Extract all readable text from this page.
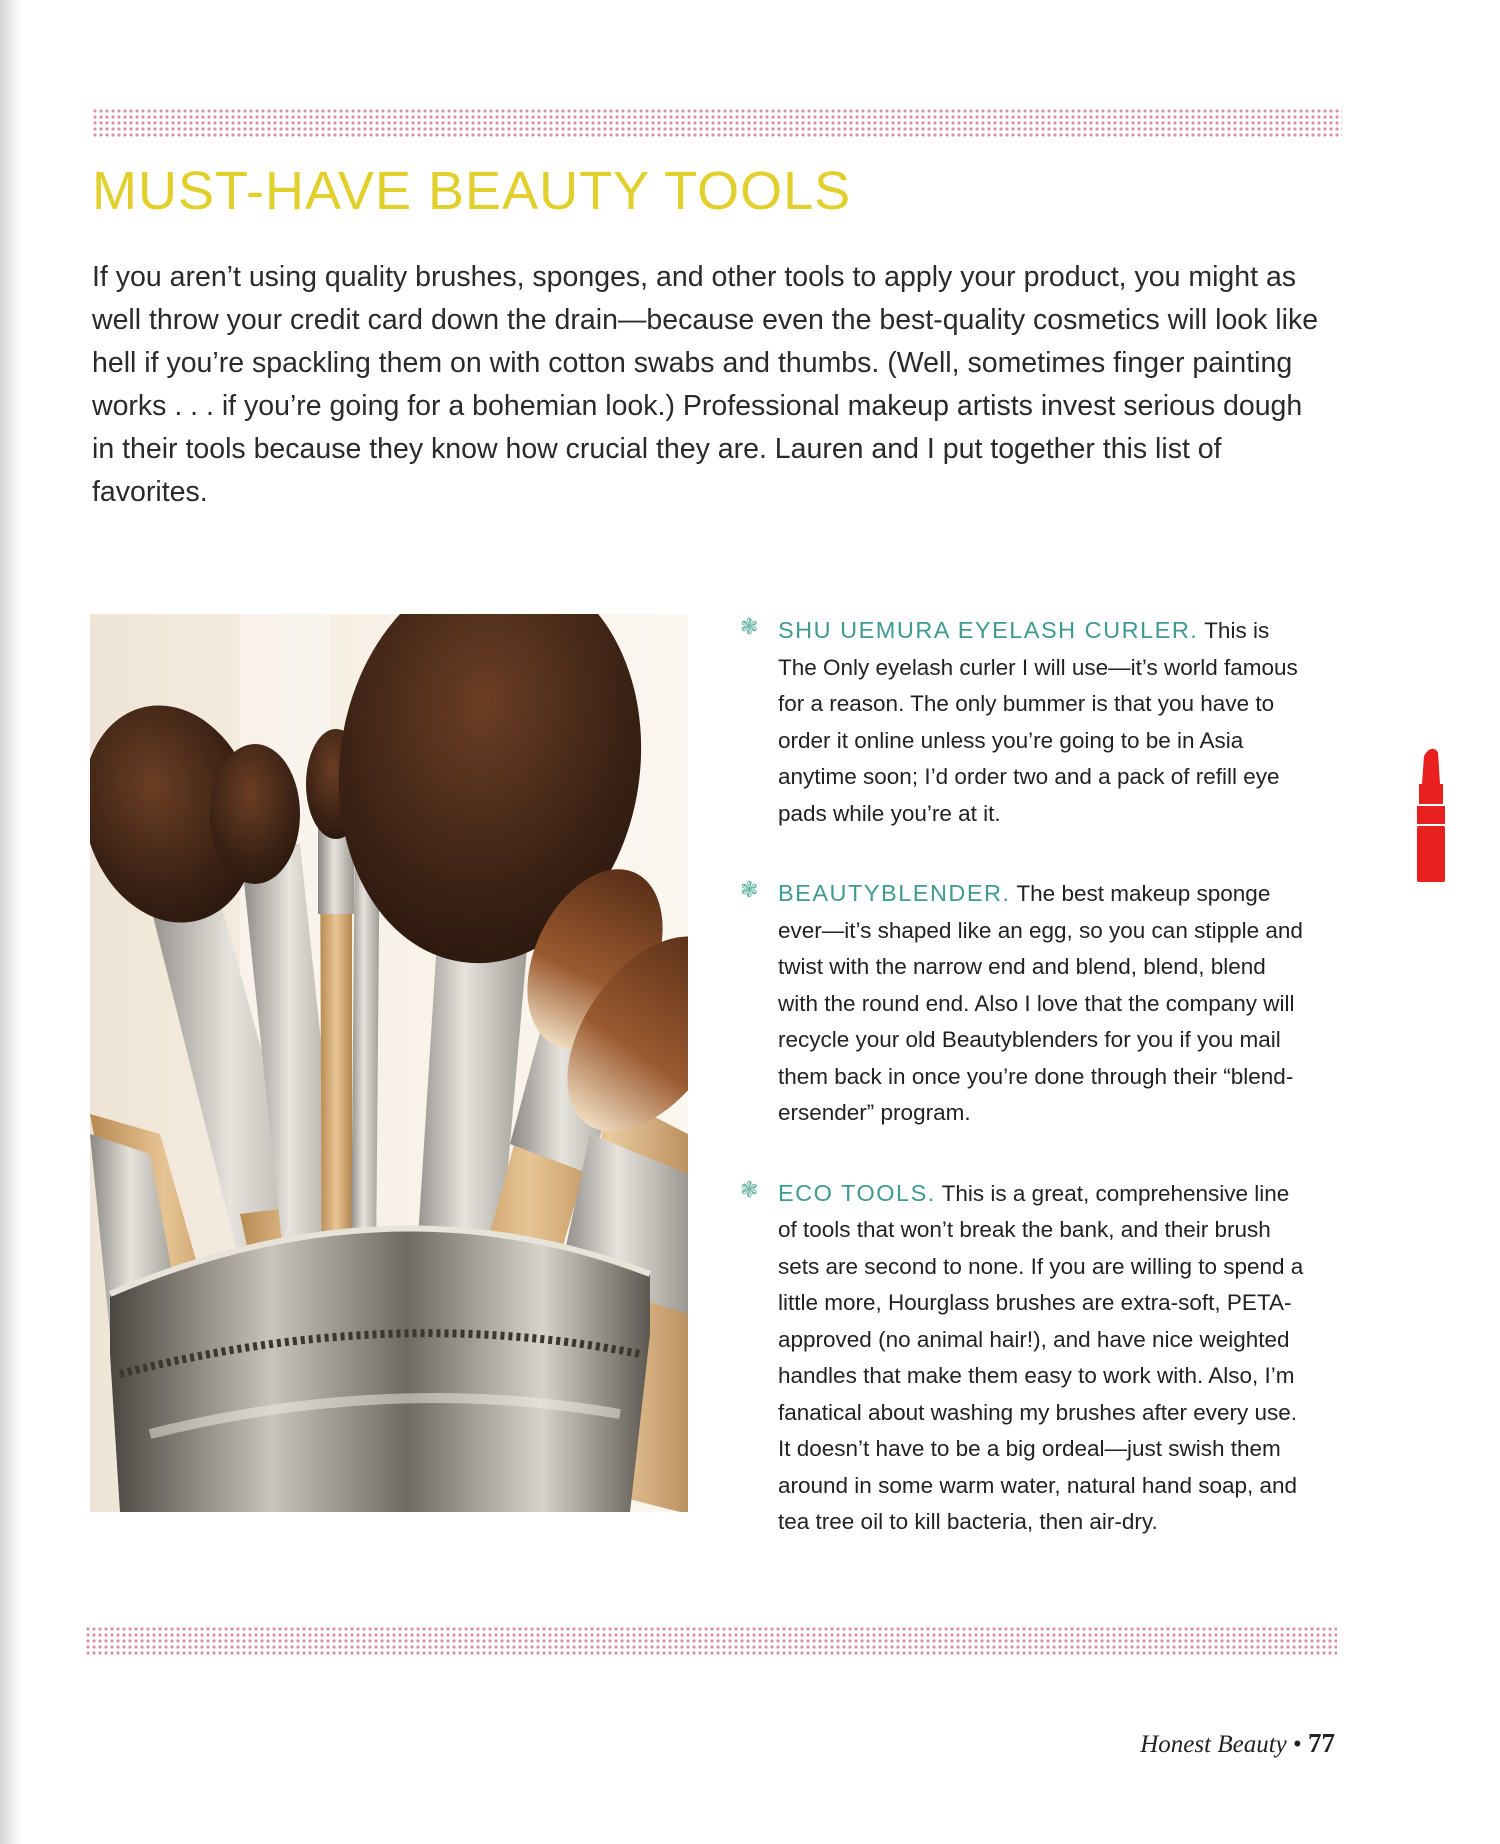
MUST-HAVE BEAUTY TOOLS

If you aren’t using quality brushes, sponges, and other tools to apply your product, you might as well throw your credit card down the drain—because even the best-quality cosmetics will look like hell if you’re spackling them on with cotton swabs and thumbs. (Well, sometimes finger painting works . . . if you’re going for a bohemian look.) Professional makeup artists invest serious dough in their tools because they know how crucial they are. Lauren and I put together this list of favorites.

❃ SHU UEMURA EYELASH CURLER. This is The Only eyelash curler I will use—it’s world famous for a reason. The only bummer is that you have to order it online unless you’re going to be in Asia anytime soon; I’d order two and a pack of refill eye pads while you’re at it.
❃ BEAUTYBLENDER. The best makeup sponge ever—it’s shaped like an egg, so you can stipple and twist with the narrow end and blend, blend, blend with the round end. Also I love that the company will recycle your old Beautyblenders for you if you mail them back in once you’re done through their “blend-ersender” program.
❃ ECO TOOLS. This is a great, comprehensive line of tools that won’t break the bank, and their brush sets are second to none. If you are willing to spend a little more, Hourglass brushes are extra-soft, PETA-approved (no animal hair!), and have nice weighted handles that make them easy to work with. Also, I’m fanatical about washing my brushes after every use. It doesn’t have to be a big ordeal—just swish them around in some warm water, natural hand soap, and tea tree oil to kill bacteria, then air-dry.
Honest Beauty • 77
